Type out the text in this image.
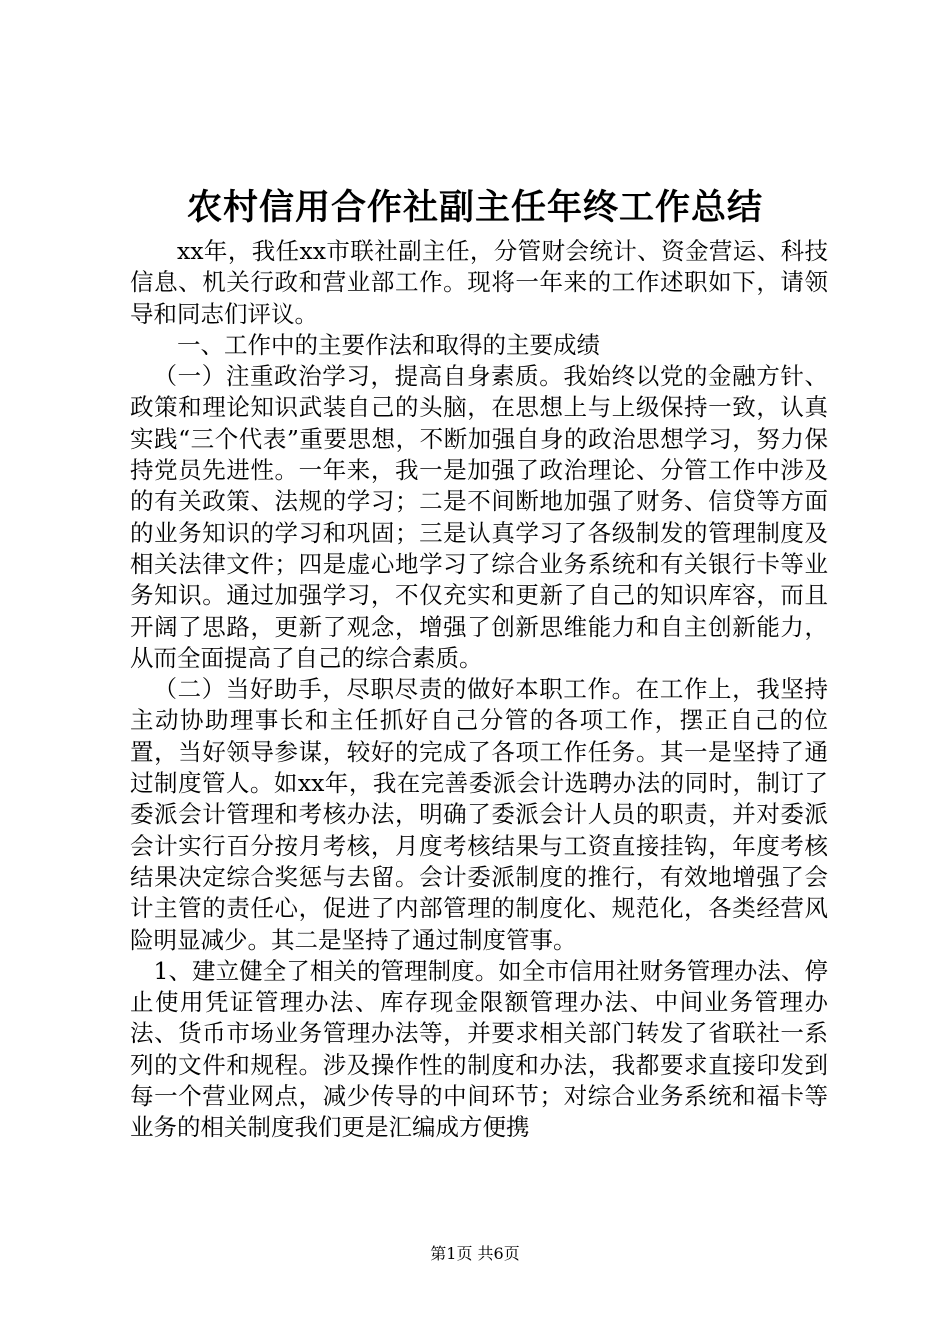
农村信用合作社副主任年终工作总结

xx年，我任xx市联社副主任，分管财会统计、资金营运、科技信息、机关行政和营业部工作。现将一年来的工作述职如下，请领导和同志们评议。

一、工作中的主要作法和取得的主要成绩

（一）注重政治学习，提高自身素质。我始终以党的金融方针、政策和理论知识武装自己的头脑，在思想上与上级保持一致，认真实践“三个代表”重要思想，不断加强自身的政治思想学习，努力保持党员先进性。一年来，我一是加强了政治理论、分管工作中涉及的有关政策、法规的学习；二是不间断地加强了财务、信贷等方面的业务知识的学习和巩固；三是认真学习了各级制发的管理制度及相关法律文件；四是虚心地学习了综合业务系统和有关银行卡等业务知识。通过加强学习，不仅充实和更新了自己的知识库容，而且开阔了思路，更新了观念，增强了创新思维能力和自主创新能力，从而全面提高了自己的综合素质。

（二）当好助手，尽职尽责的做好本职工作。在工作上，我坚持主动协助理事长和主任抓好自己分管的各项工作，摆正自己的位置，当好领导参谋，较好的完成了各项工作任务。其一是坚持了通过制度管人。如xx年，我在完善委派会计选聘办法的同时，制订了委派会计管理和考核办法，明确了委派会计人员的职责，并对委派会计实行百分按月考核，月度考核结果与工资直接挂钩，年度考核结果决定综合奖惩与去留。会计委派制度的推行，有效地增强了会计主管的责任心，促进了内部管理的制度化、规范化，各类经营风险明显减少。其二是坚持了通过制度管事。

1、建立健全了相关的管理制度。如全市信用社财务管理办法、停止使用凭证管理办法、库存现金限额管理办法、中间业务管理办法、货币市场业务管理办法等，并要求相关部门转发了省联社一系列的文件和规程。涉及操作性的制度和办法，我都要求直接印发到每一个营业网点，减少传导的中间环节；对综合业务系统和福卡等业务的相关制度我们更是汇编成方便携

第1页 共6页
